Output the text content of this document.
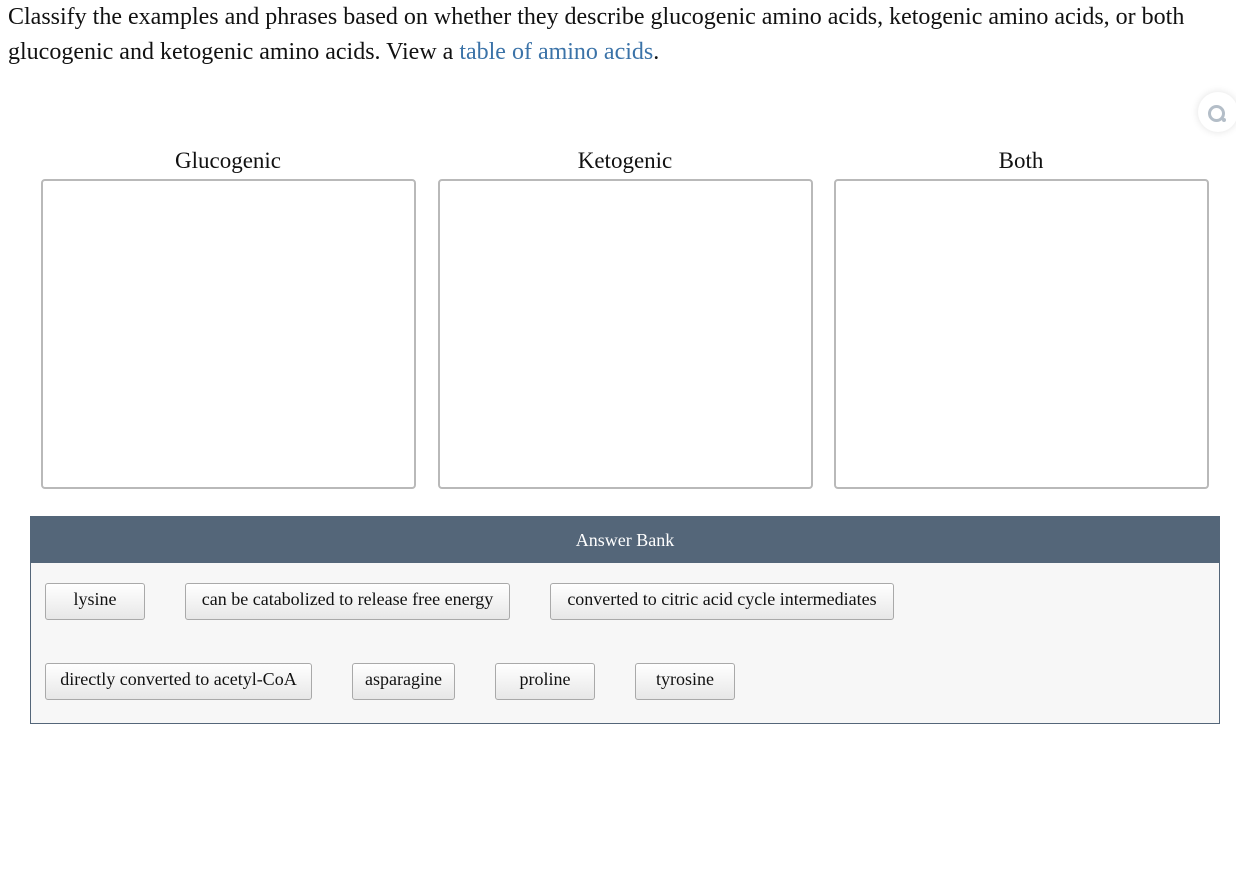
Classify the examples and phrases based on whether they describe glucogenic amino acids, ketogenic amino acids, or both glucogenic and ketogenic amino acids. View a table of amino acids.
Glucogenic	Ketogenic	Both
Answer Bank
lysine	can be catabolized to release free energy	converted to citric acid cycle intermediates
directly converted to acetyl-CoA	asparagine	proline	tyrosine
